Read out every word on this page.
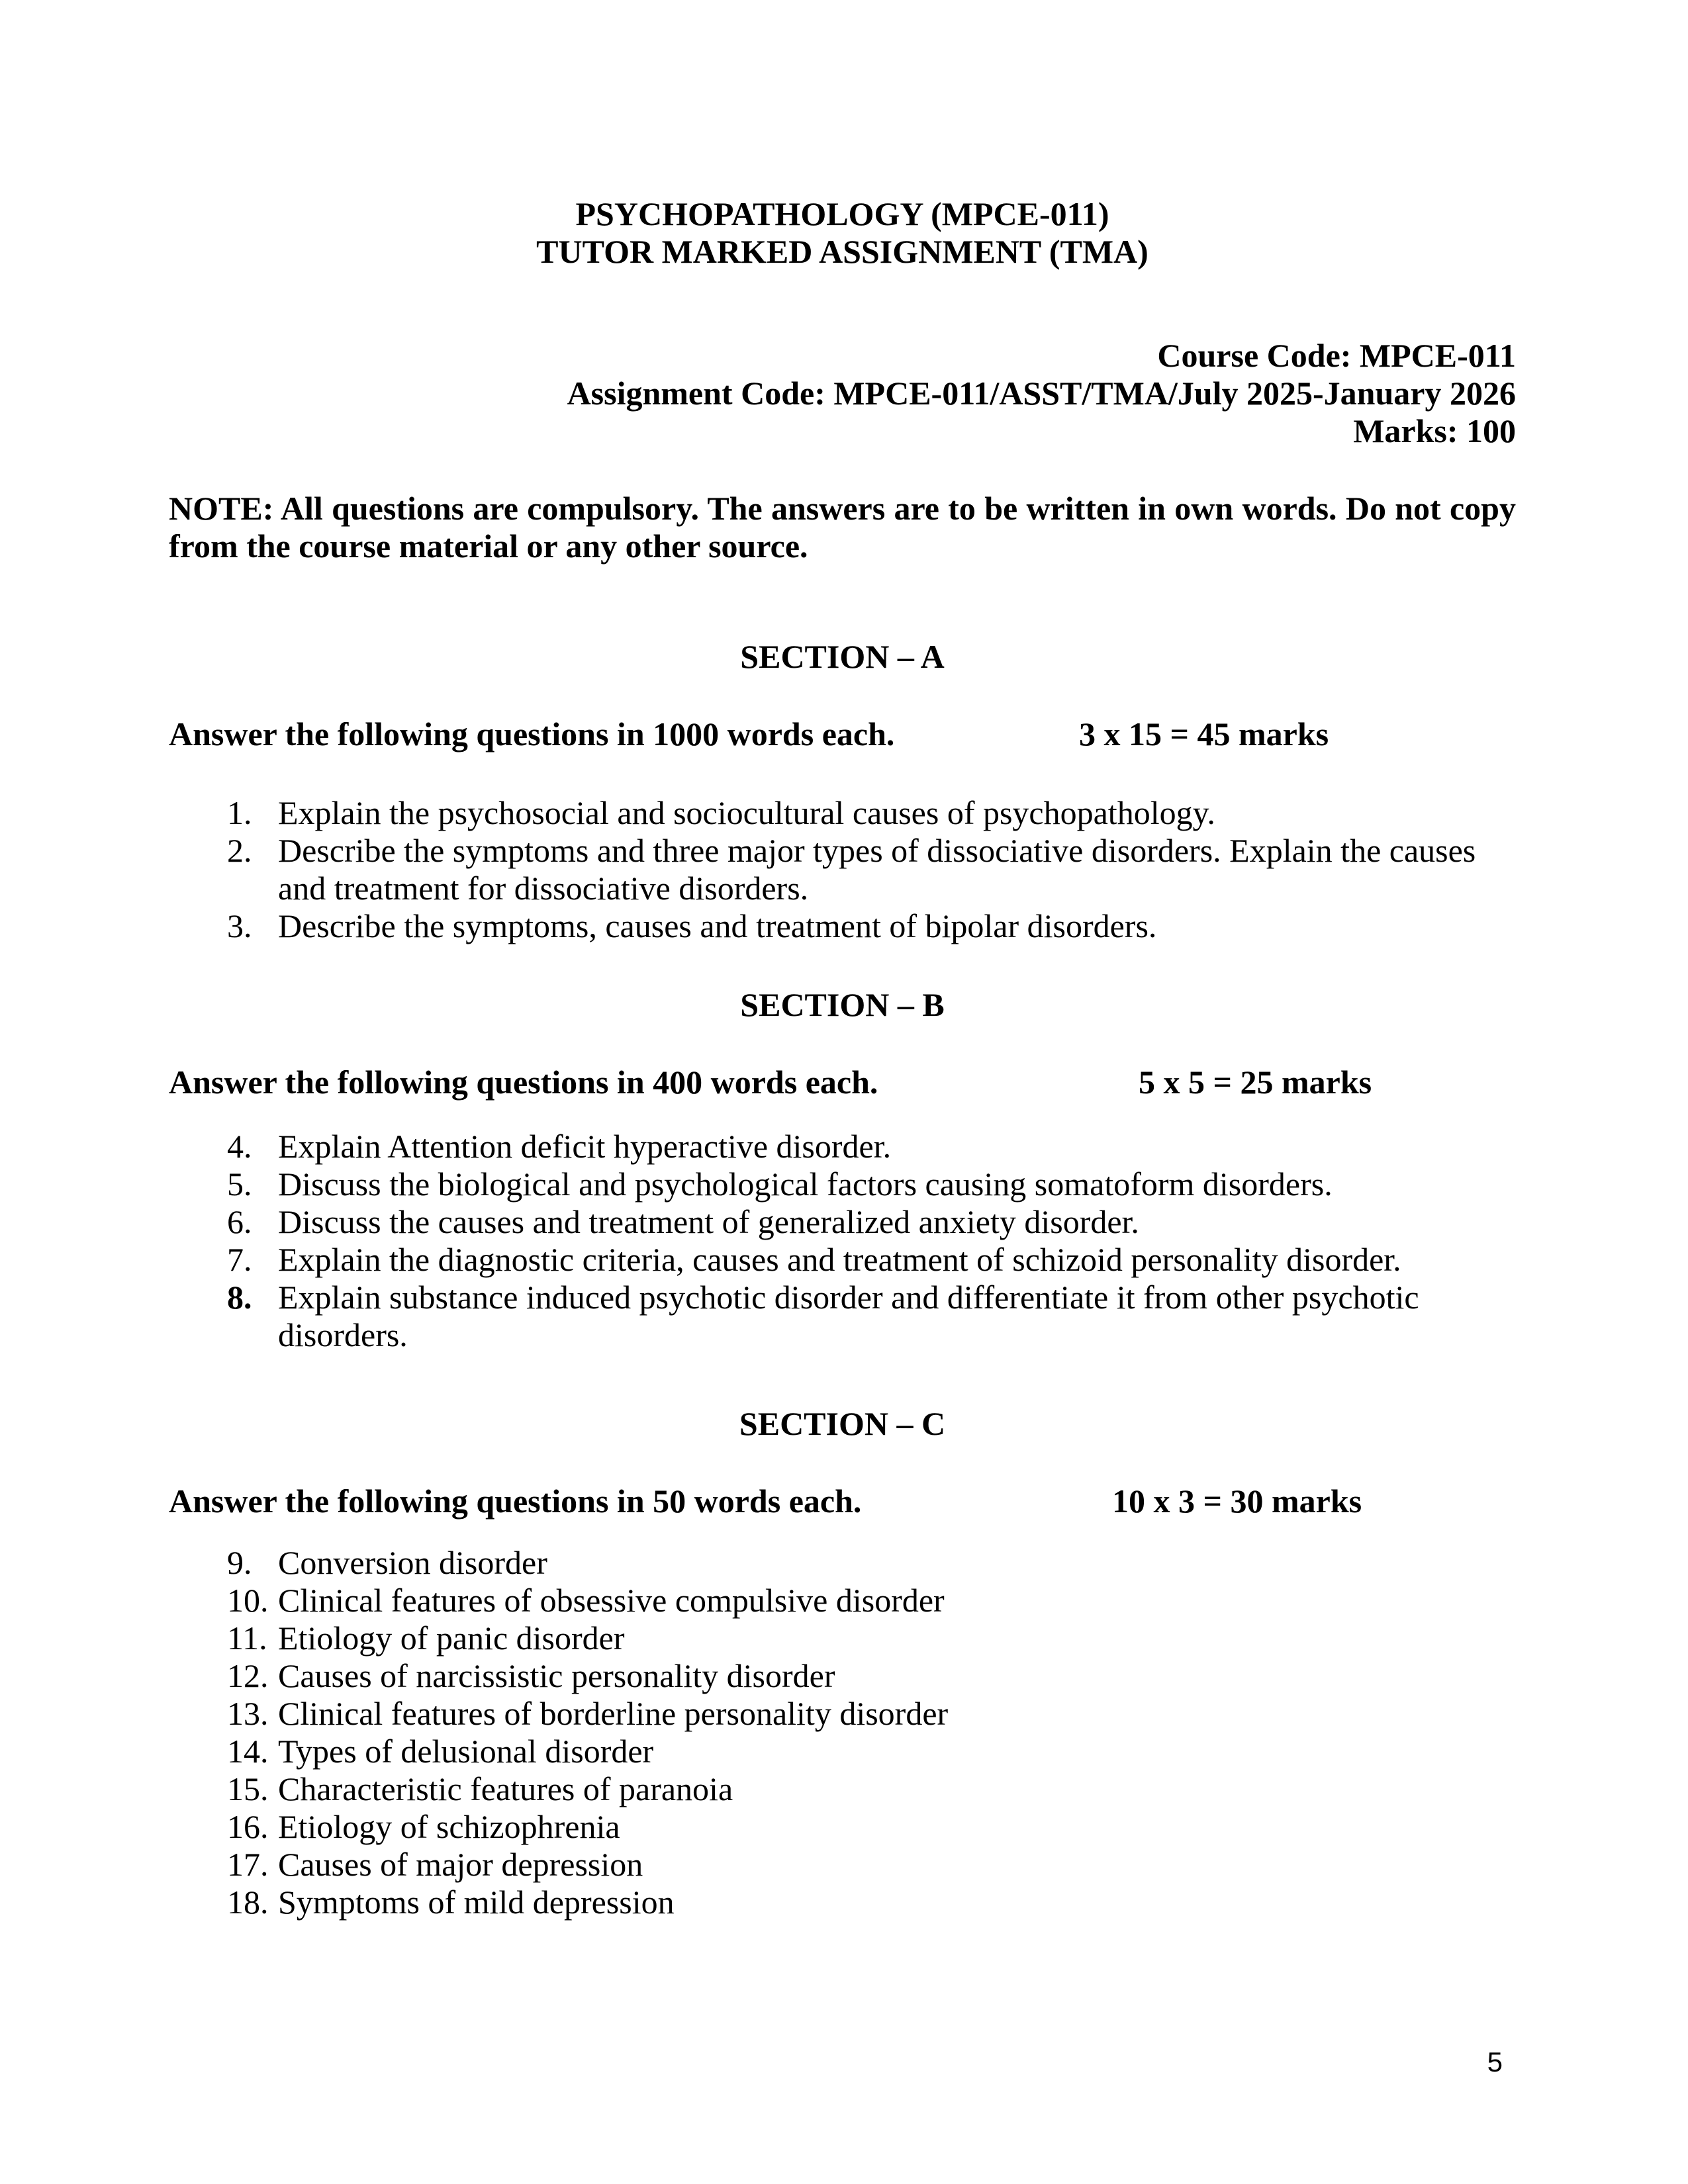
PSYCHOPATHOLOGY (MPCE-011)
TUTOR MARKED ASSIGNMENT (TMA)
Course Code: MPCE-011
Assignment Code: MPCE-011/ASST/TMA/July 2025-January 2026
Marks: 100

NOTE: All questions are compulsory. The answers are to be written in own words. Do not copy from the course material or any other source.

SECTION – A
Answer the following questions in 1000 words each.	3 x 15 = 45 marks
1. Explain the psychosocial and sociocultural causes of psychopathology.
2. Describe the symptoms and three major types of dissociative disorders. Explain the causes and treatment for dissociative disorders.
3. Describe the symptoms, causes and treatment of bipolar disorders.
SECTION – B
Answer the following questions in 400 words each.	5 x 5 = 25 marks
4. Explain Attention deficit hyperactive disorder.
5. Discuss the biological and psychological factors causing somatoform disorders.
6. Discuss the causes and treatment of generalized anxiety disorder.
7. Explain the diagnostic criteria, causes and treatment of schizoid personality disorder.
8. Explain substance induced psychotic disorder and differentiate it from other psychotic disorders.
SECTION – C
Answer the following questions in 50 words each.	10 x 3 = 30 marks
9. Conversion disorder
10. Clinical features of obsessive compulsive disorder
11. Etiology of panic disorder
12. Causes of narcissistic personality disorder
13. Clinical features of borderline personality disorder
14. Types of delusional disorder
15. Characteristic features of paranoia
16. Etiology of schizophrenia
17. Causes of major depression
18. Symptoms of mild depression
5
